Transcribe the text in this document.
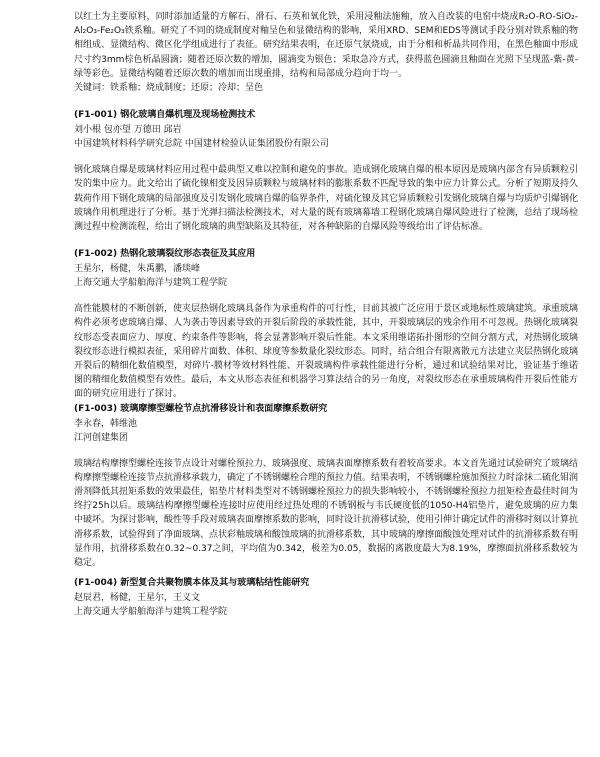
以红土为主要原料，同时添加适量的方解石、滑石、石英和氧化铁，采用浸釉法施釉，放入自改装的电窑中烧成R₂O-RO-SiO₂-Al₂O₃-Fe₂O₃铁系釉。研究了不同的烧成制度对釉呈色和显微结构的影响，采用XRD、SEM和EDS等测试手段分别对铁系釉的物相组成、显微结构、微区化学组成进行了表征。研究结果表明，在还原气氛烧成，由于分相和析晶共同作用，在黑色釉面中形成尺寸约3mm棕色析晶圆滴；随着还原次数的增加，圆滴变为银色；采取急冷方式，获得蓝色圆滴且釉面在光照下呈现蓝-紫-黄-绿等彩色。显微结构随着还原次数的增加而出现重排，结构和局部成分趋向于均一。

关键词：铁系釉；烧成制度；还原；冷却；呈色

(F1-001) 钢化玻璃自爆机理及现场检测技术

刘小根 包亦望 万德田 邱岩

中国建筑材料科学研究总院 中国建材检验认证集团股份有限公司

钢化玻璃自爆是玻璃材料应用过程中最典型又难以控制和避免的事故。造成钢化玻璃自爆的根本原因是玻璃内部含有异质颗粒引发的集中应力。此文给出了硫化镍相变及因异质颗粒与玻璃材料的膨胀系数不匹配导致的集中应力计算公式。分析了短期及持久载荷作用下钢化玻璃的局部强度及引发钢化玻璃自爆的临界条件，对硫化镍及其它异质颗粒引发钢化玻璃自爆与均质炉引爆钢化玻璃作用机理进行了分析。基于光弹扫描法检测技术，对大量的既有玻璃幕墙工程钢化玻璃自爆风险进行了检测，总结了现场检测过程中检测流程，给出了钢化玻璃的典型缺陷及其特征，对各种缺陷的自爆风险等级给出了评估标准。

(F1-002) 热钢化玻璃裂纹形态表征及其应用

王星尔，杨健，朱禹鹏，潘琰峰

上海交通大学船舶海洋与建筑工程学院

高性能膜材的不断创新，使夹层热钢化玻璃具备作为承重构件的可行性，目前其被广泛应用于景区或地标性玻璃建筑。承重玻璃构件必须考虑玻璃自爆、人为袭击等因素导致的开裂后阶段的承载性能，其中，开裂玻璃层的残余作用不可忽视。热钢化玻璃裂纹形态受表面应力、厚度、约束条件等影响，将会显著影响开裂后性能。本文采用维诺拓扑图形的空间分割方式，对热钢化玻璃裂纹形态进行模拟表征，采用碎片面数、体积、球度等参数量化裂纹形态。同时，结合组合有限离散元方法建立夹层热钢化玻璃开裂后的精细化数值模型，对碎片-膜材等效材料性能、开裂玻璃构件承载性能进行分析，通过和试验结果对比，验证基于维诺图的精细化数值模型有效性。最后，本文从形态表征和机器学习算法结合的另一角度，对裂纹形态在承重玻璃构件开裂后性能方面的研究应用进行了探讨。

(F1-003) 玻璃摩擦型螺栓节点抗滑移设计和表面摩擦系数研究

李永春，韩维池

江河创建集团

玻璃结构摩擦型螺栓连接节点设计对螺栓预拉力、玻璃强度、玻璃表面摩擦系数有着较高要求。本文首先通过试验研究了玻璃结构摩擦型螺栓连接节点抗滑移承载力，确定了不锈钢螺栓合理的预拉力值。结果表明，不锈钢螺栓施加预拉力时涂抹二硫化钼润滑剂降低其扭矩系数的效果最佳，铝垫片材料类型对不锈钢螺栓预拉力的损失影响较小，不锈钢螺栓预拉力扭矩检查最佳时间为终拧25h以后。玻璃结构摩擦型螺栓连接时应使用经过热处理的不锈钢板与韦氏硬度低的1050-H4铝垫片，避免玻璃的应力集中破坏。为探讨影响，酸性等手段对玻璃表面摩擦系数的影响，同时设计抗滑移试验，使用引伸计确定试件的滑移时刻以计算抗滑移系数，试验得到了净面玻璃、点状彩釉玻璃和酸蚀玻璃的抗滑移系数，其中玻璃的摩擦面酸蚀处理对试件的抗滑移系数有明显作用，抗滑移系数在0.32~0.37之间，平均值为0.342，极差为0.05，数据的离散度最大为8.19%，摩擦面抗滑移系数较为稳定。

(F1-004) 新型复合共聚物膜本体及其与玻璃粘结性能研究

赵辰君，杨健，王星尔，王义文

上海交通大学船舶海洋与建筑工程学院
